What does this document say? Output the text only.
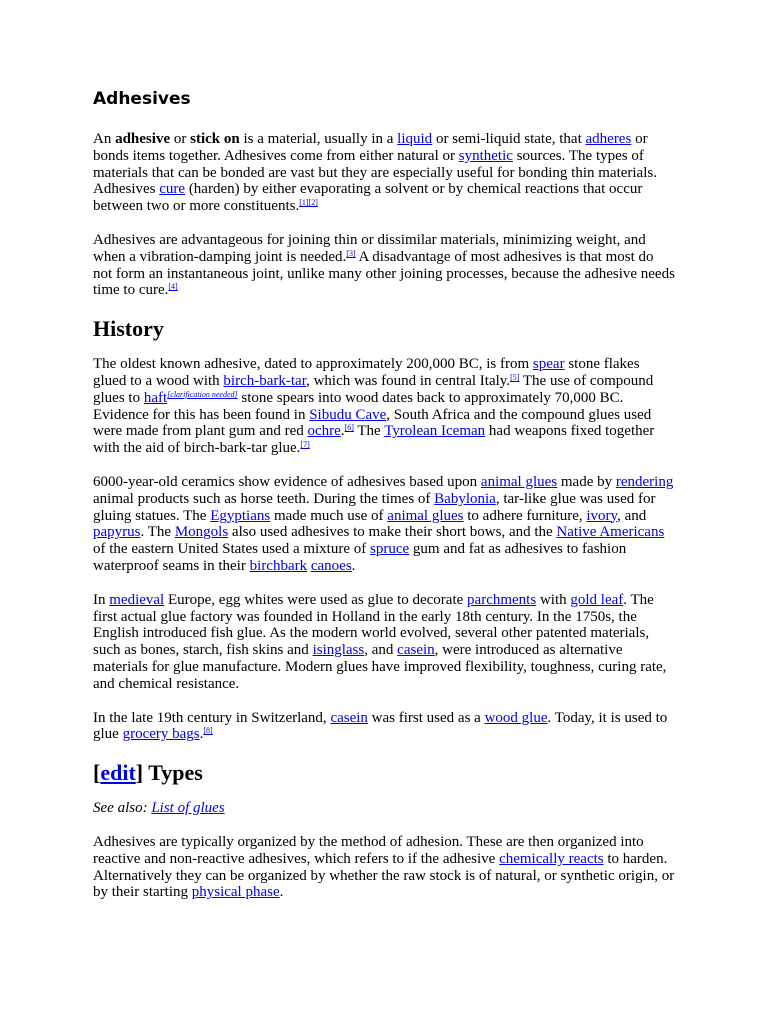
Adhesives

An adhesive or stick on is a material, usually in a liquid or semi-liquid state, that adheres or bonds items together. Adhesives come from either natural or synthetic sources. The types of materials that can be bonded are vast but they are especially useful for bonding thin materials. Adhesives cure (harden) by either evaporating a solvent or by chemical reactions that occur between two or more constituents.[1][2]

Adhesives are advantageous for joining thin or dissimilar materials, minimizing weight, and when a vibration-damping joint is needed.[3] A disadvantage of most adhesives is that most do not form an instantaneous joint, unlike many other joining processes, because the adhesive needs time to cure.[4]

History

The oldest known adhesive, dated to approximately 200,000 BC, is from spear stone flakes glued to a wood with birch-bark-tar, which was found in central Italy.[5] The use of compound glues to haft[clarification needed] stone spears into wood dates back to approximately 70,000 BC. Evidence for this has been found in Sibudu Cave, South Africa and the compound glues used were made from plant gum and red ochre.[6] The Tyrolean Iceman had weapons fixed together with the aid of birch-bark-tar glue.[7]

6000-year-old ceramics show evidence of adhesives based upon animal glues made by rendering animal products such as horse teeth. During the times of Babylonia, tar-like glue was used for gluing statues. The Egyptians made much use of animal glues to adhere furniture, ivory, and papyrus. The Mongols also used adhesives to make their short bows, and the Native Americans of the eastern United States used a mixture of spruce gum and fat as adhesives to fashion waterproof seams in their birchbark canoes.

In medieval Europe, egg whites were used as glue to decorate parchments with gold leaf. The first actual glue factory was founded in Holland in the early 18th century. In the 1750s, the English introduced fish glue. As the modern world evolved, several other patented materials, such as bones, starch, fish skins and isinglass, and casein, were introduced as alternative materials for glue manufacture. Modern glues have improved flexibility, toughness, curing rate, and chemical resistance.

In the late 19th century in Switzerland, casein was first used as a wood glue. Today, it is used to glue grocery bags.[8]

[edit] Types
See also: List of glues

Adhesives are typically organized by the method of adhesion. These are then organized into reactive and non-reactive adhesives, which refers to if the adhesive chemically reacts to harden. Alternatively they can be organized by whether the raw stock is of natural, or synthetic origin, or by their starting physical phase.
